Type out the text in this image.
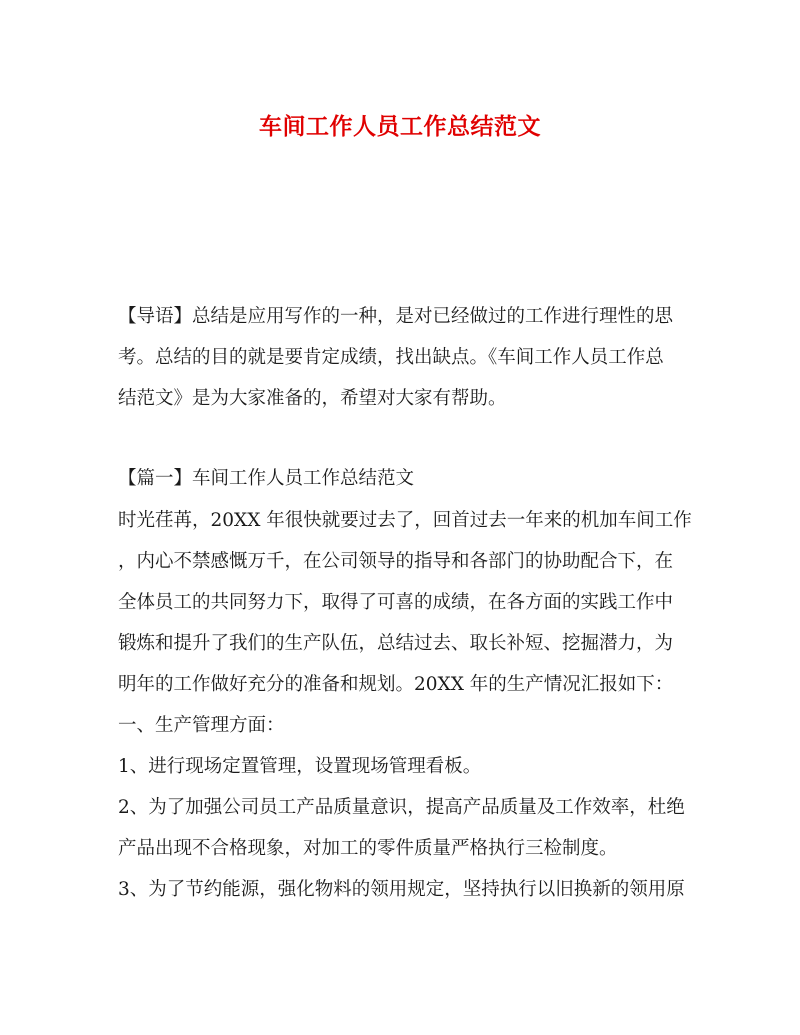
车间工作人员工作总结范文
【导语】总结是应用写作的一种，是对已经做过的工作进行理性的思
考。总结的目的就是要肯定成绩，找出缺点。《车间工作人员工作总
结范文》是为大家准备的，希望对大家有帮助。
【篇一】车间工作人员工作总结范文
时光荏苒，20XX 年很快就要过去了，回首过去一年来的机加车间工作
，内心不禁感慨万千，在公司领导的指导和各部门的协助配合下，在
全体员工的共同努力下，取得了可喜的成绩，在各方面的实践工作中
锻炼和提升了我们的生产队伍，总结过去、取长补短、挖掘潜力，为
明年的工作做好充分的准备和规划。20XX 年的生产情况汇报如下：
一、生产管理方面：
1、进行现场定置管理，设置现场管理看板。
2、为了加强公司员工产品质量意识，提高产品质量及工作效率，杜绝
产品出现不合格现象，对加工的零件质量严格执行三检制度。
3、为了节约能源，强化物料的领用规定，坚持执行以旧换新的领用原
